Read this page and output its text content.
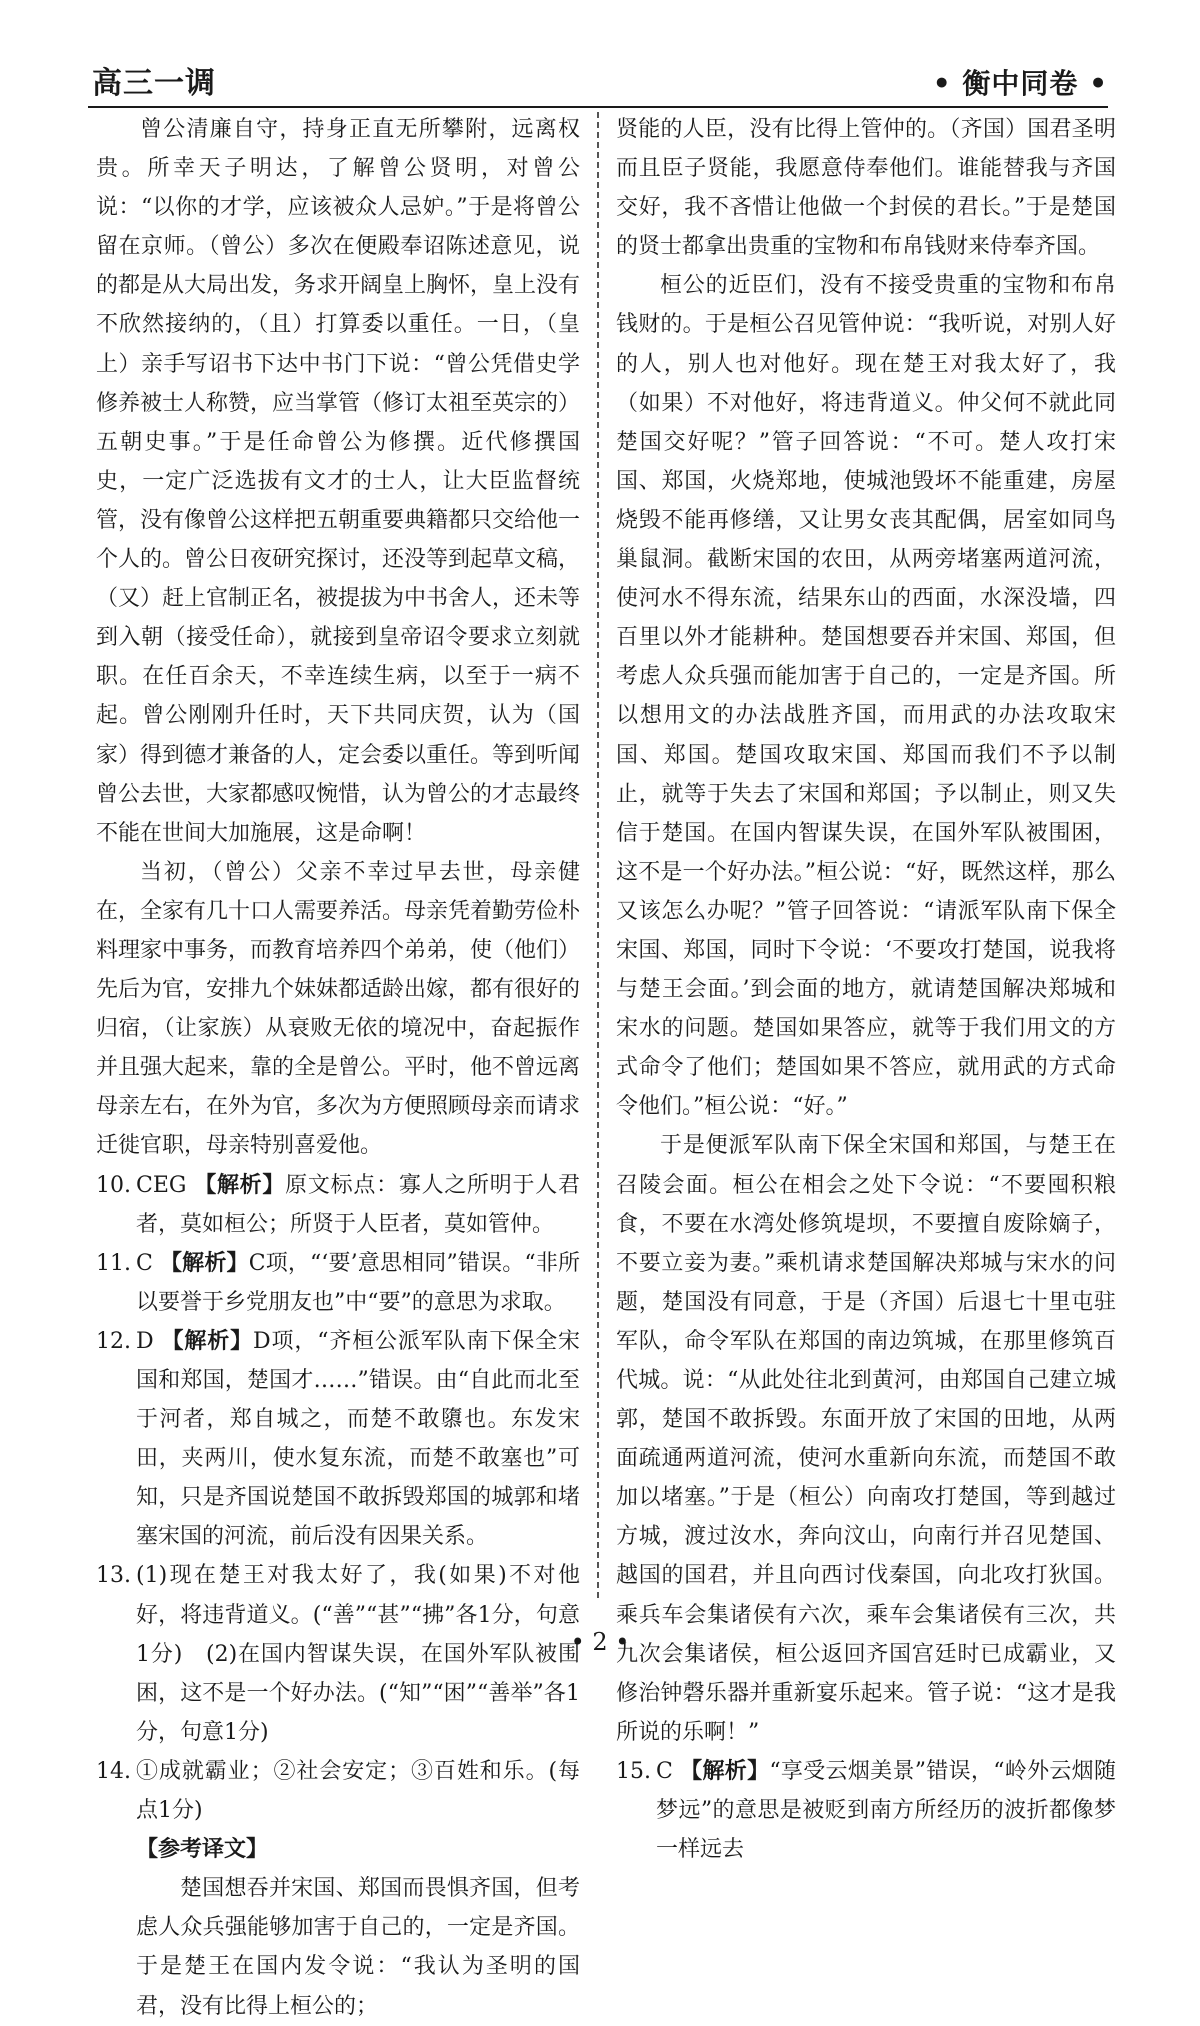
高三一调	• 衡中同卷 •

曾公清廉自守，持身正直无所攀附，远离权贵。所幸天子明达，了解曾公贤明，对曾公说：“以你的才学，应该被众人忌妒。”于是将曾公留在京师。（曾公）多次在便殿奉诏陈述意见，说的都是从大局出发，务求开阔皇上胸怀，皇上没有不欣然接纳的，（且）打算委以重任。一日，（皇上）亲手写诏书下达中书门下说：“曾公凭借史学修养被士人称赞，应当掌管（修订太祖至英宗的）五朝史事。”于是任命曾公为修撰。近代修撰国史，一定广泛选拔有文才的士人，让大臣监督统管，没有像曾公这样把五朝重要典籍都只交给他一个人的。曾公日夜研究探讨，还没等到起草文稿，（又）赶上官制正名，被提拔为中书舍人，还未等到入朝（接受任命），就接到皇帝诏令要求立刻就职。在任百余天，不幸连续生病，以至于一病不起。曾公刚刚升任时，天下共同庆贺，认为（国家）得到德才兼备的人，定会委以重任。等到听闻曾公去世，大家都感叹惋惜，认为曾公的才志最终不能在世间大加施展，这是命啊！

当初，（曾公）父亲不幸过早去世，母亲健在，全家有几十口人需要养活。母亲凭着勤劳俭朴料理家中事务，而教育培养四个弟弟，使（他们）先后为官，安排九个妹妹都适龄出嫁，都有很好的归宿，（让家族）从衰败无依的境况中，奋起振作并且强大起来，靠的全是曾公。平时，他不曾远离母亲左右，在外为官，多次为方便照顾母亲而请求迁徙官职，母亲特别喜爱他。

10. CEG 【解析】原文标点：寡人之所明于人君者，莫如桓公；所贤于人臣者，莫如管仲。
11. C 【解析】C项，“‘要’意思相同”错误。“非所以要誉于乡党朋友也”中“要”的意思为求取。
12. D 【解析】D项，“齐桓公派军队南下保全宋国和郑国，楚国才……”错误。由“自此而北至于河者，郑自城之，而楚不敢隳也。东发宋田，夹两川，使水复东流，而楚不敢塞也”可知，只是齐国说楚国不敢拆毁郑国的城郭和堵塞宋国的河流，前后没有因果关系。
13. (1)现在楚王对我太好了，我(如果)不对他好，将违背道义。(“善”“甚”“拂”各1分，句意1分)　(2)在国内智谋失误，在国外军队被围困，这不是一个好办法。(“知”“困”“善举”各1分，句意1分)
14. ①成就霸业；②社会安定；③百姓和乐。(每点1分)

【参考译文】

楚国想吞并宋国、郑国而畏惧齐国，但考虑人众兵强能够加害于自己的，一定是齐国。于是楚王在国内发令说：“我认为圣明的国君，没有比得上桓公的；

贤能的人臣，没有比得上管仲的。（齐国）国君圣明而且臣子贤能，我愿意侍奉他们。谁能替我与齐国交好，我不吝惜让他做一个封侯的君长。”于是楚国的贤士都拿出贵重的宝物和布帛钱财来侍奉齐国。

桓公的近臣们，没有不接受贵重的宝物和布帛钱财的。于是桓公召见管仲说：“我听说，对别人好的人，别人也对他好。现在楚王对我太好了，我（如果）不对他好，将违背道义。仲父何不就此同楚国交好呢？”管子回答说：“不可。楚人攻打宋国、郑国，火烧郑地，使城池毁坏不能重建，房屋烧毁不能再修缮，又让男女丧其配偶，居室如同鸟巢鼠洞。截断宋国的农田，从两旁堵塞两道河流，使河水不得东流，结果东山的西面，水深没墙，四百里以外才能耕种。楚国想要吞并宋国、郑国，但考虑人众兵强而能加害于自己的，一定是齐国。所以想用文的办法战胜齐国，而用武的办法攻取宋国、郑国。楚国攻取宋国、郑国而我们不予以制止，就等于失去了宋国和郑国；予以制止，则又失信于楚国。在国内智谋失误，在国外军队被围困，这不是一个好办法。”桓公说：“好，既然这样，那么又该怎么办呢？”管子回答说：“请派军队南下保全宋国、郑国，同时下令说：‘不要攻打楚国，说我将与楚王会面。’到会面的地方，就请楚国解决郑城和宋水的问题。楚国如果答应，就等于我们用文的方式命令了他们；楚国如果不答应，就用武的方式命令他们。”桓公说：“好。”

于是便派军队南下保全宋国和郑国，与楚王在召陵会面。桓公在相会之处下令说：“不要囤积粮食，不要在水湾处修筑堤坝，不要擅自废除嫡子，不要立妾为妻。”乘机请求楚国解决郑城与宋水的问题，楚国没有同意，于是（齐国）后退七十里屯驻军队，命令军队在郑国的南边筑城，在那里修筑百代城。说：“从此处往北到黄河，由郑国自己建立城郭，楚国不敢拆毁。东面开放了宋国的田地，从两面疏通两道河流，使河水重新向东流，而楚国不敢加以堵塞。”于是（桓公）向南攻打楚国，等到越过方城，渡过汝水，奔向汶山，向南行并召见楚国、越国的国君，并且向西讨伐秦国，向北攻打狄国。乘兵车会集诸侯有六次，乘车会集诸侯有三次，共九次会集诸侯，桓公返回齐国宫廷时已成霸业，又修治钟磬乐器并重新宴乐起来。管子说：“这才是我所说的乐啊！”

15. C 【解析】“享受云烟美景”错误，“岭外云烟随梦远”的意思是被贬到南方所经历的波折都像梦一样远去
• 2 •
